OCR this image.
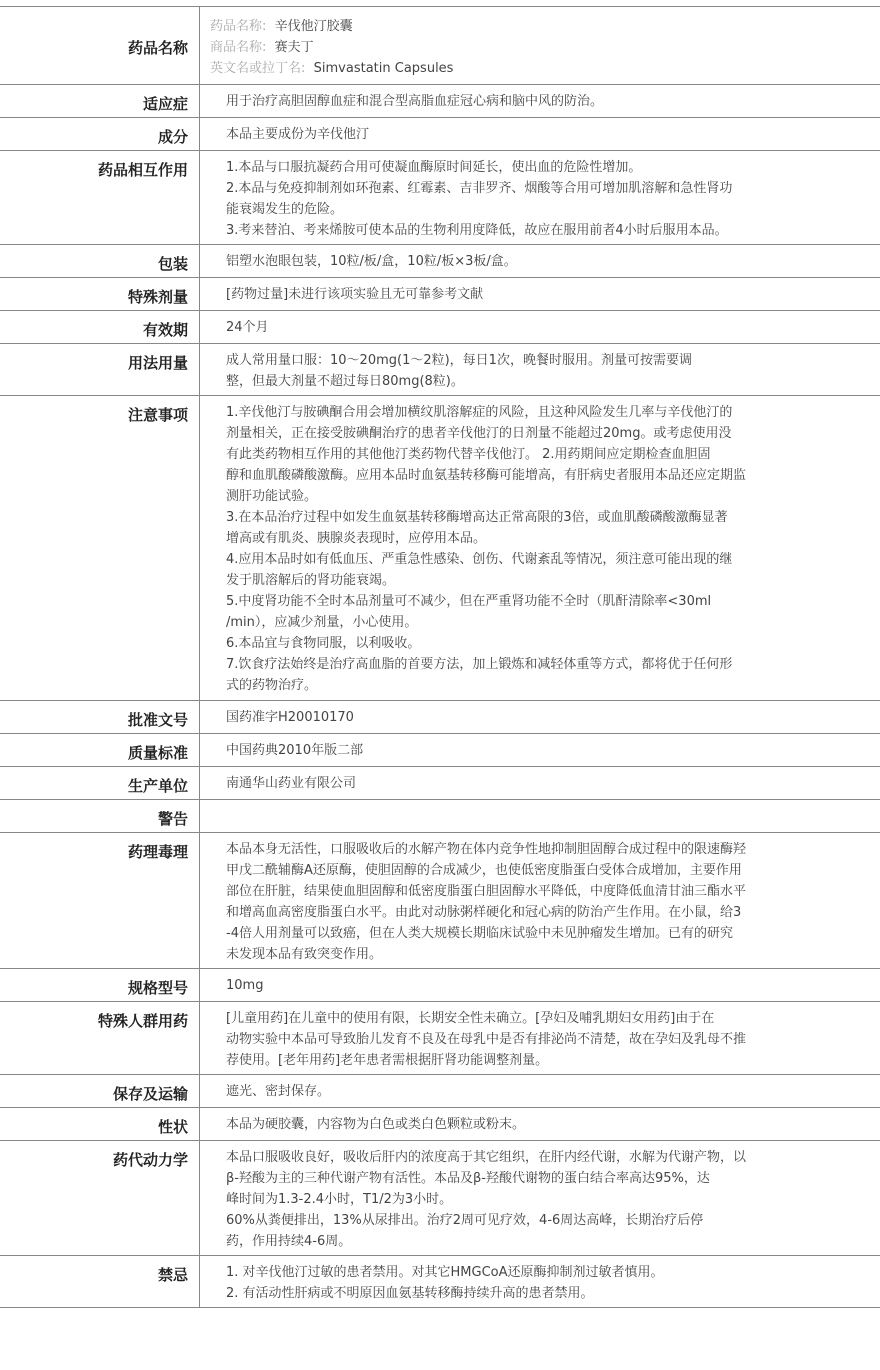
药品名称
药品名称: 辛伐他汀胶囊
商品名称: 赛夫丁
英文名或拉丁名: Simvastatin Capsules
适应症	用于治疗高胆固醇血症和混合型高脂血症冠心病和脑中风的防治。
成分	本品主要成份为辛伐他汀
药品相互作用	1.本品与口服抗凝药合用可使凝血酶原时间延长，使出血的危险性增加。
2.本品与免疫抑制剂如环孢素、红霉素、吉非罗齐、烟酸等合用可增加肌溶解和急性肾功
能衰竭发生的危险。
3.考来替泊、考来烯胺可使本品的生物利用度降低，故应在服用前者4小时后服用本品。
包装	铝塑水泡眼包装，10粒/板/盒，10粒/板×3板/盒。
特殊剂量	[药物过量]未进行该项实验且无可靠参考文献
有效期	24个月
用法用量	成人常用量口服：10～20mg(1～2粒)，每日1次，晚餐时服用。剂量可按需要调
整，但最大剂量不超过每日80mg(8粒)。
注意事项	1.辛伐他汀与胺碘酮合用会增加横纹肌溶解症的风险，且这种风险发生几率与辛伐他汀的
剂量相关，正在接受胺碘酮治疗的患者辛伐他汀的日剂量不能超过20mg。或考虑使用没
有此类药物相互作用的其他他汀类药物代替辛伐他汀。 2.用药期间应定期检查血胆固
醇和血肌酸磷酸激酶。应用本品时血氨基转移酶可能增高，有肝病史者服用本品还应定期监
测肝功能试验。
3.在本品治疗过程中如发生血氨基转移酶增高达正常高限的3倍，或血肌酸磷酸激酶显著
增高或有肌炎、胰腺炎表现时，应停用本品。
4.应用本品时如有低血压、严重急性感染、创伤、代谢紊乱等情况，须注意可能出现的继
发于肌溶解后的肾功能衰竭。
5.中度肾功能不全时本品剂量可不减少，但在严重肾功能不全时（肌酐清除率<30ml
/min），应减少剂量，小心使用。
6.本品宜与食物同服，以利吸收。
7.饮食疗法始终是治疗高血脂的首要方法，加上锻炼和减轻体重等方式，都将优于任何形
式的药物治疗。
批准文号	国药准字H20010170
质量标准	中国药典2010年版二部
生产单位	南通华山药业有限公司
警告
药理毒理	本品本身无活性，口服吸收后的水解产物在体内竞争性地抑制胆固醇合成过程中的限速酶羟
甲戊二酰辅酶A还原酶，使胆固醇的合成减少，也使低密度脂蛋白受体合成增加，主要作用
部位在肝脏，结果使血胆固醇和低密度脂蛋白胆固醇水平降低，中度降低血清甘油三酯水平
和增高血高密度脂蛋白水平。由此对动脉粥样硬化和冠心病的防治产生作用。在小鼠，给3
-4倍人用剂量可以致癌，但在人类大规模长期临床试验中未见肿瘤发生增加。已有的研究
未发现本品有致突变作用。
规格型号	10mg
特殊人群用药	[儿童用药]在儿童中的使用有限，长期安全性未确立。[孕妇及哺乳期妇女用药]由于在
动物实验中本品可导致胎儿发育不良及在母乳中是否有排泌尚不清楚，故在孕妇及乳母不推
荐使用。[老年用药]老年患者需根据肝肾功能调整剂量。
保存及运输	遮光、密封保存。
性状	本品为硬胶囊，内容物为白色或类白色颗粒或粉末。
药代动力学	本品口服吸收良好，吸收后肝内的浓度高于其它组织，在肝内经代谢，水解为代谢产物，以
β-羟酸为主的三种代谢产物有活性。本品及β-羟酸代谢物的蛋白结合率高达95%，达
峰时间为1.3-2.4小时，T1/2为3小时。
60%从粪便排出，13%从尿排出。治疗2周可见疗效，4-6周达高峰，长期治疗后停
药，作用持续4-6周。
禁忌	1. 对辛伐他汀过敏的患者禁用。对其它HMGCoA还原酶抑制剂过敏者慎用。
2. 有活动性肝病或不明原因血氨基转移酶持续升高的患者禁用。
